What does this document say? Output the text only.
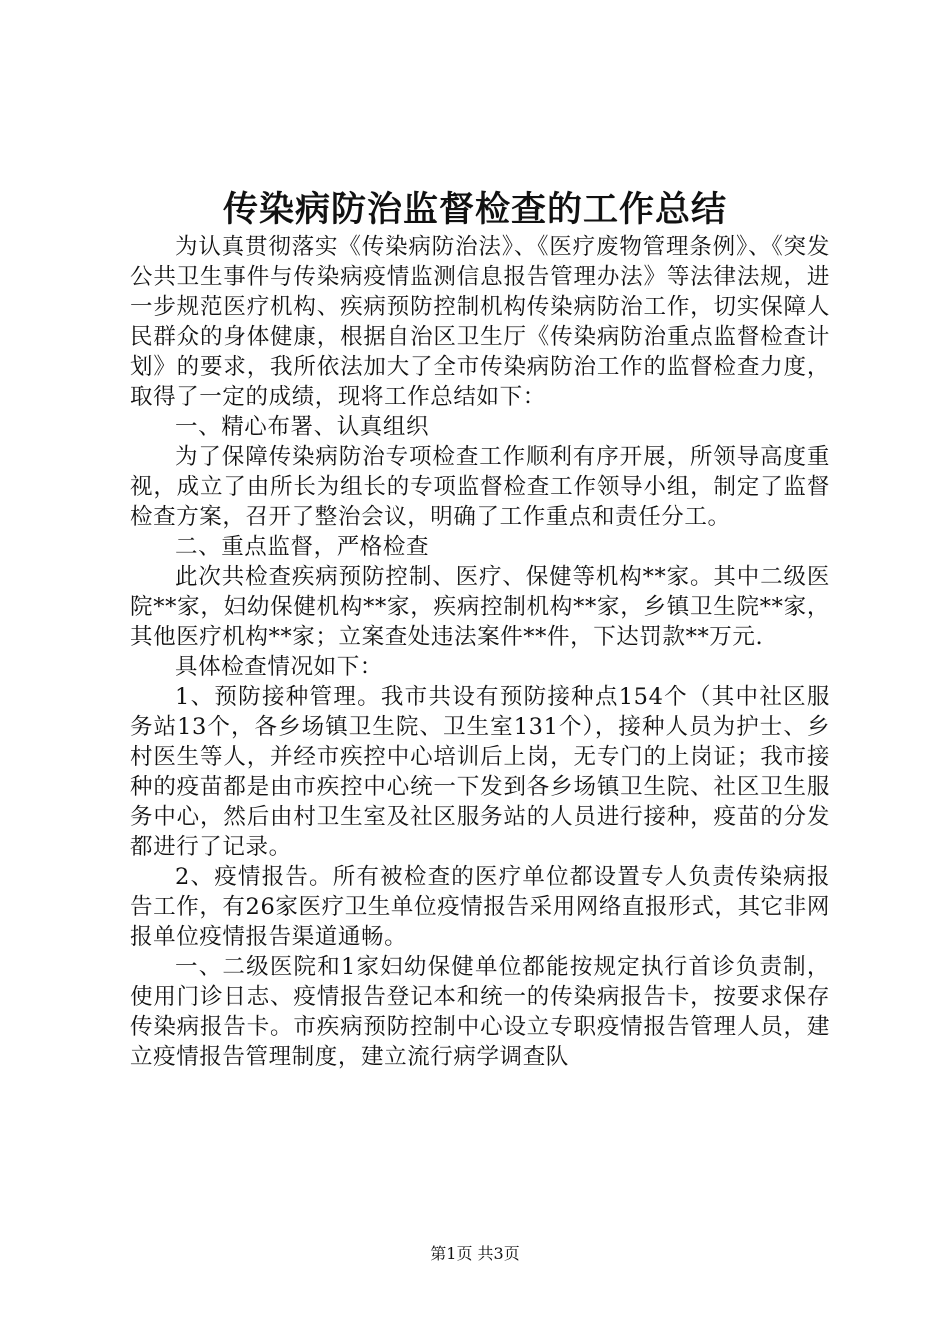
传染病防治监督检查的工作总结

为认真贯彻落实《传染病防治法》、《医疗废物管理条例》、《突发公共卫生事件与传染病疫情监测信息报告管理办法》等法律法规，进一步规范医疗机构、疾病预防控制机构传染病防治工作，切实保障人民群众的身体健康，根据自治区卫生厅《传染病防治重点监督检查计划》的要求，我所依法加大了全市传染病防治工作的监督检查力度，取得了一定的成绩，现将工作总结如下：

一、精心布署、认真组织

为了保障传染病防治专项检查工作顺利有序开展，所领导高度重视，成立了由所长为组长的专项监督检查工作领导小组，制定了监督检查方案，召开了整治会议，明确了工作重点和责任分工。

二、重点监督，严格检查

此次共检查疾病预防控制、医疗、保健等机构**家。其中二级医院**家，妇幼保健机构**家，疾病控制机构**家，乡镇卫生院**家，其他医疗机构**家；立案查处违法案件**件，下达罚款**万元.

具体检查情况如下：

1、预防接种管理。我市共设有预防接种点154个（其中社区服务站13个，各乡场镇卫生院、卫生室131个），接种人员为护士、乡村医生等人，并经市疾控中心培训后上岗，无专门的上岗证；我市接种的疫苗都是由市疾控中心统一下发到各乡场镇卫生院、社区卫生服务中心，然后由村卫生室及社区服务站的人员进行接种，疫苗的分发都进行了记录。

2、疫情报告。所有被检查的医疗单位都设置专人负责传染病报告工作，有26家医疗卫生单位疫情报告采用网络直报形式，其它非网报单位疫情报告渠道通畅。

一、二级医院和1家妇幼保健单位都能按规定执行首诊负责制，使用门诊日志、疫情报告登记本和统一的传染病报告卡，按要求保存传染病报告卡。市疾病预防控制中心设立专职疫情报告管理人员，建立疫情报告管理制度，建立流行病学调查队

第1页 共3页
